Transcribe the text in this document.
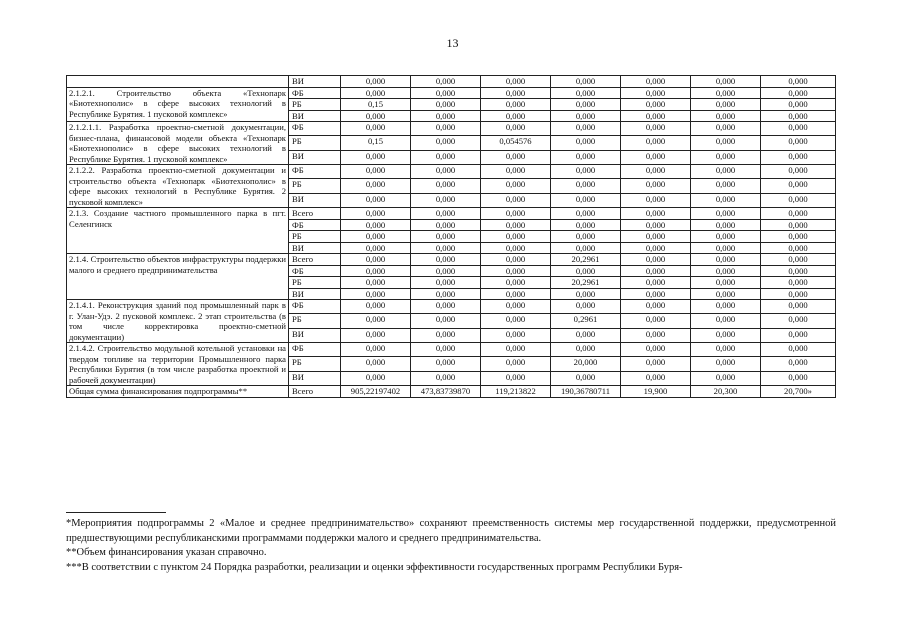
13
	ВИ	0,000	0,000	0,000	0,000	0,000	0,000	0,000
2.1.2.1. Строительство объекта «Технопарк «Биотехнополис» в сфере высоких технологий в Республике Бурятия. 1 пусковой комплекс»	ФБ	0,000	0,000	0,000	0,000	0,000	0,000	0,000
	РБ	0,15	0,000	0,000	0,000	0,000	0,000	0,000
	ВИ	0,000	0,000	0,000	0,000	0,000	0,000	0,000
2.1.2.1.1. Разработка проектно-сметной документации, бизнес-плана, финансовой модели объекта «Технопарк «Биотехнополис» в сфере высоких технологий в Республике Бурятия. 1 пусковой комплекс»	ФБ	0,000	0,000	0,000	0,000	0,000	0,000	0,000
	РБ	0,15	0,000	0,054576	0,000	0,000	0,000	0,000
	ВИ	0,000	0,000	0,000	0,000	0,000	0,000	0,000
2.1.2.2. Разработка проектно-сметной документации и строительство объекта «Технопарк «Биотехнополис» в сфере высоких технологий в Республике Бурятия. 2 пусковой комплекс»	ФБ	0,000	0,000	0,000	0,000	0,000	0,000	0,000
	РБ	0,000	0,000	0,000	0,000	0,000	0,000	0,000
	ВИ	0,000	0,000	0,000	0,000	0,000	0,000	0,000
2.1.3. Создание частного промышленного парка в пгт. Селенгинск	Всего	0,000	0,000	0,000	0,000	0,000	0,000	0,000
	ФБ	0,000	0,000	0,000	0,000	0,000	0,000	0,000
	РБ	0,000	0,000	0,000	0,000	0,000	0,000	0,000
	ВИ	0,000	0,000	0,000	0,000	0,000	0,000	0,000
2.1.4. Строительство объектов инфраструктуры поддержки малого и среднего предпринимательства	Всего	0,000	0,000	0,000	20,2961	0,000	0,000	0,000
	ФБ	0,000	0,000	0,000	0,000	0,000	0,000	0,000
	РБ	0,000	0,000	0,000	20,2961	0,000	0,000	0,000
	ВИ	0,000	0,000	0,000	0,000	0,000	0,000	0,000
2.1.4.1. Реконструкция зданий под промышленный парк в г. Улан-Удэ. 2 пусковой комплекс. 2 этап строительства (в том числе корректировка проектно-сметной документации)	ФБ	0,000	0,000	0,000	0,000	0,000	0,000	0,000
	РБ	0,000	0,000	0,000	0,2961	0,000	0,000	0,000
	ВИ	0,000	0,000	0,000	0,000	0,000	0,000	0,000
2.1.4.2. Строительство модульной котельной установки на твердом топливе на территории Промышленного парка Республики Бурятия (в том числе разработка проектной и рабочей документации)	ФБ	0,000	0,000	0,000	0,000	0,000	0,000	0,000
	РБ	0,000	0,000	0,000	20,000	0,000	0,000	0,000
	ВИ	0,000	0,000	0,000	0,000	0,000	0,000	0,000
Общая сумма финансирования подпрограммы**	Всего	905,22197402	473,83739870	119,213822	190,36780711	19,900	20,300	20,700»

*Мероприятия подпрограммы 2 «Малое и среднее предпринимательство» сохраняют преемственность системы мер государственной поддержки, предусмотренной предшествующими республиканскими программами поддержки малого и среднего предпринимательства.

**Объем финансирования указан справочно.

***В соответствии с пунктом 24 Порядка разработки, реализации и оценки эффективности государственных программ Республики Буря-
